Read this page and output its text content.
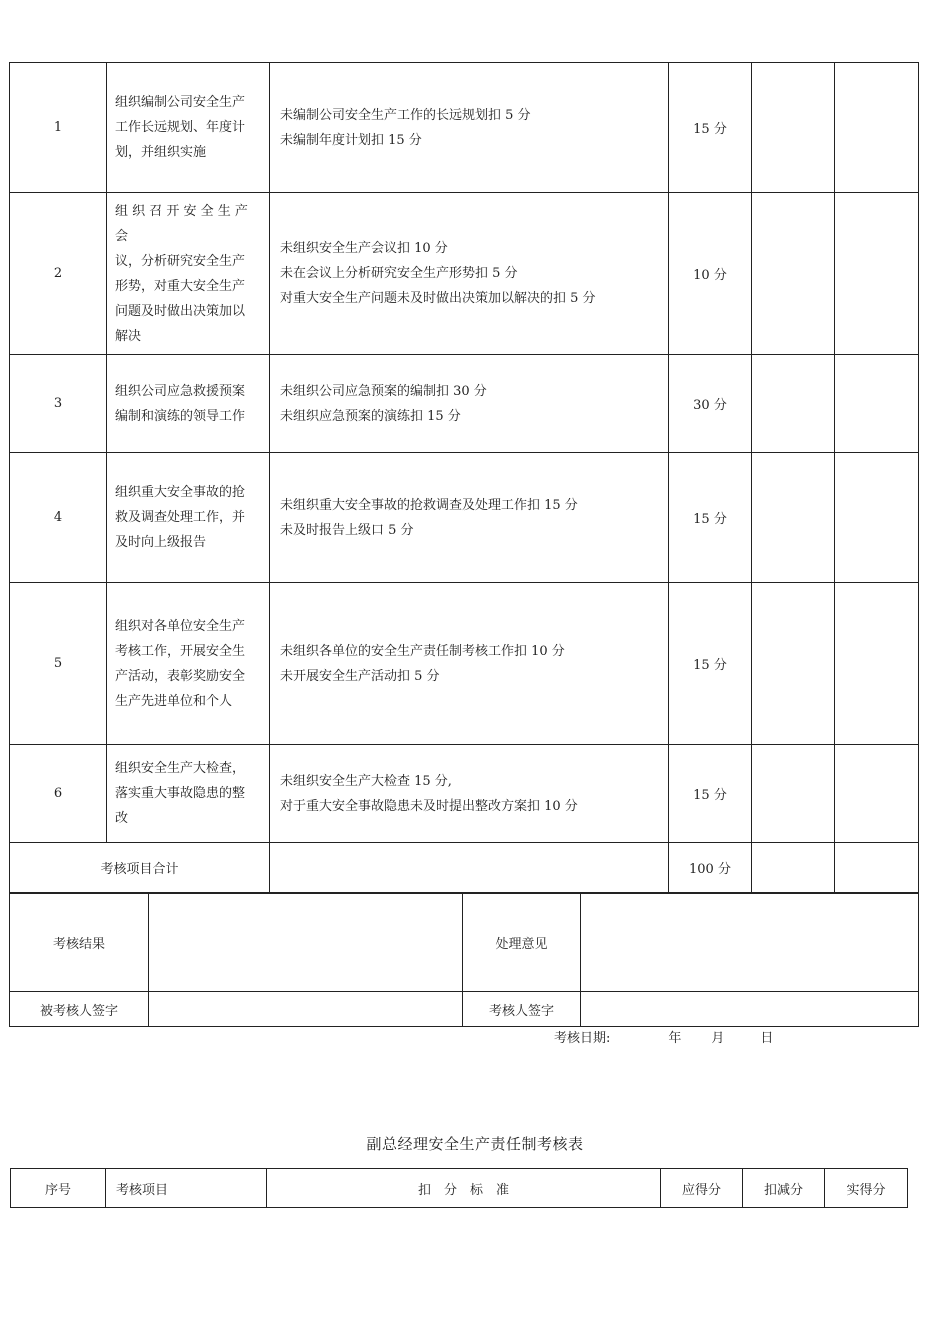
1	组织编制公司安全生产
工作长远规划、年度计
划，并组织实施	未编制公司安全生产工作的长远规划扣 5 分
未编制年度计划扣 15 分	15 分		
2	组 织 召 开 安 全 生 产 会
议，分析研究安全生产
形势，对重大安全生产
问题及时做出决策加以
解决	未组织安全生产会议扣 10 分
未在会议上分析研究安全生产形势扣 5 分
对重大安全生产问题未及时做出决策加以解决的扣 5 分	10 分		
3	组织公司应急救援预案
编制和演练的领导工作	未组织公司应急预案的编制扣 30 分
未组织应急预案的演练扣 15 分	30 分		
4	组织重大安全事故的抢
救及调查处理工作，并
及时向上级报告	未组织重大安全事故的抢救调查及处理工作扣 15 分
未及时报告上级口 5 分	15 分		
5	组织对各单位安全生产
考核工作，开展安全生
产活动，表彰奖励安全
生产先进单位和个人	未组织各单位的安全生产责任制考核工作扣 10 分
未开展安全生产活动扣 5 分	15 分		
6	组织安全生产大检查，
落实重大事故隐患的整
改	未组织安全生产大检查 15 分,
对于重大安全事故隐患未及时提出整改方案扣 10 分	15 分		
考核项目合计			100 分		
考核结果		处理意见	
被考核人签字		考核人签字	
考核日期:	年 月	日
副总经理安全生产责任制考核表
序号	考核项目	扣　分　标　准	应得分	扣减分	实得分
